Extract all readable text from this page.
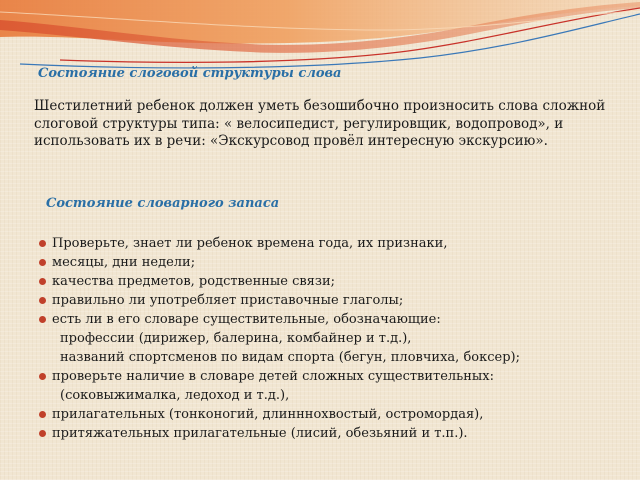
Состояние слоговой структуры слова

Шестилетний ребенок должен уметь безошибочно произносить слова сложной слоговой структуры типа: « велосипедист, регулировщик, водопровод», и использовать их в речи: «Экскурсовод провёл интересную экскурсию».

Состояние словарного запаса
Проверьте, знает ли ребенок времена года, их признаки,
месяцы, дни недели;
качества предметов, родственные связи;
правильно ли употребляет приставочные глаголы;
есть ли в его словаре существительные, обозначающие:
профессии (дирижер, балерина, комбайнер и т.д.),
названий спортсменов по видам спорта (бегун, пловчиха, боксер);
проверьте наличие в словаре детей сложных существительных:
(соковыжималка, ледоход и т.д.),
прилагательных (тонконогий, длинннохвостый, остромордая),
притяжательных прилагательные (лисий, обезьяний и т.п.).
